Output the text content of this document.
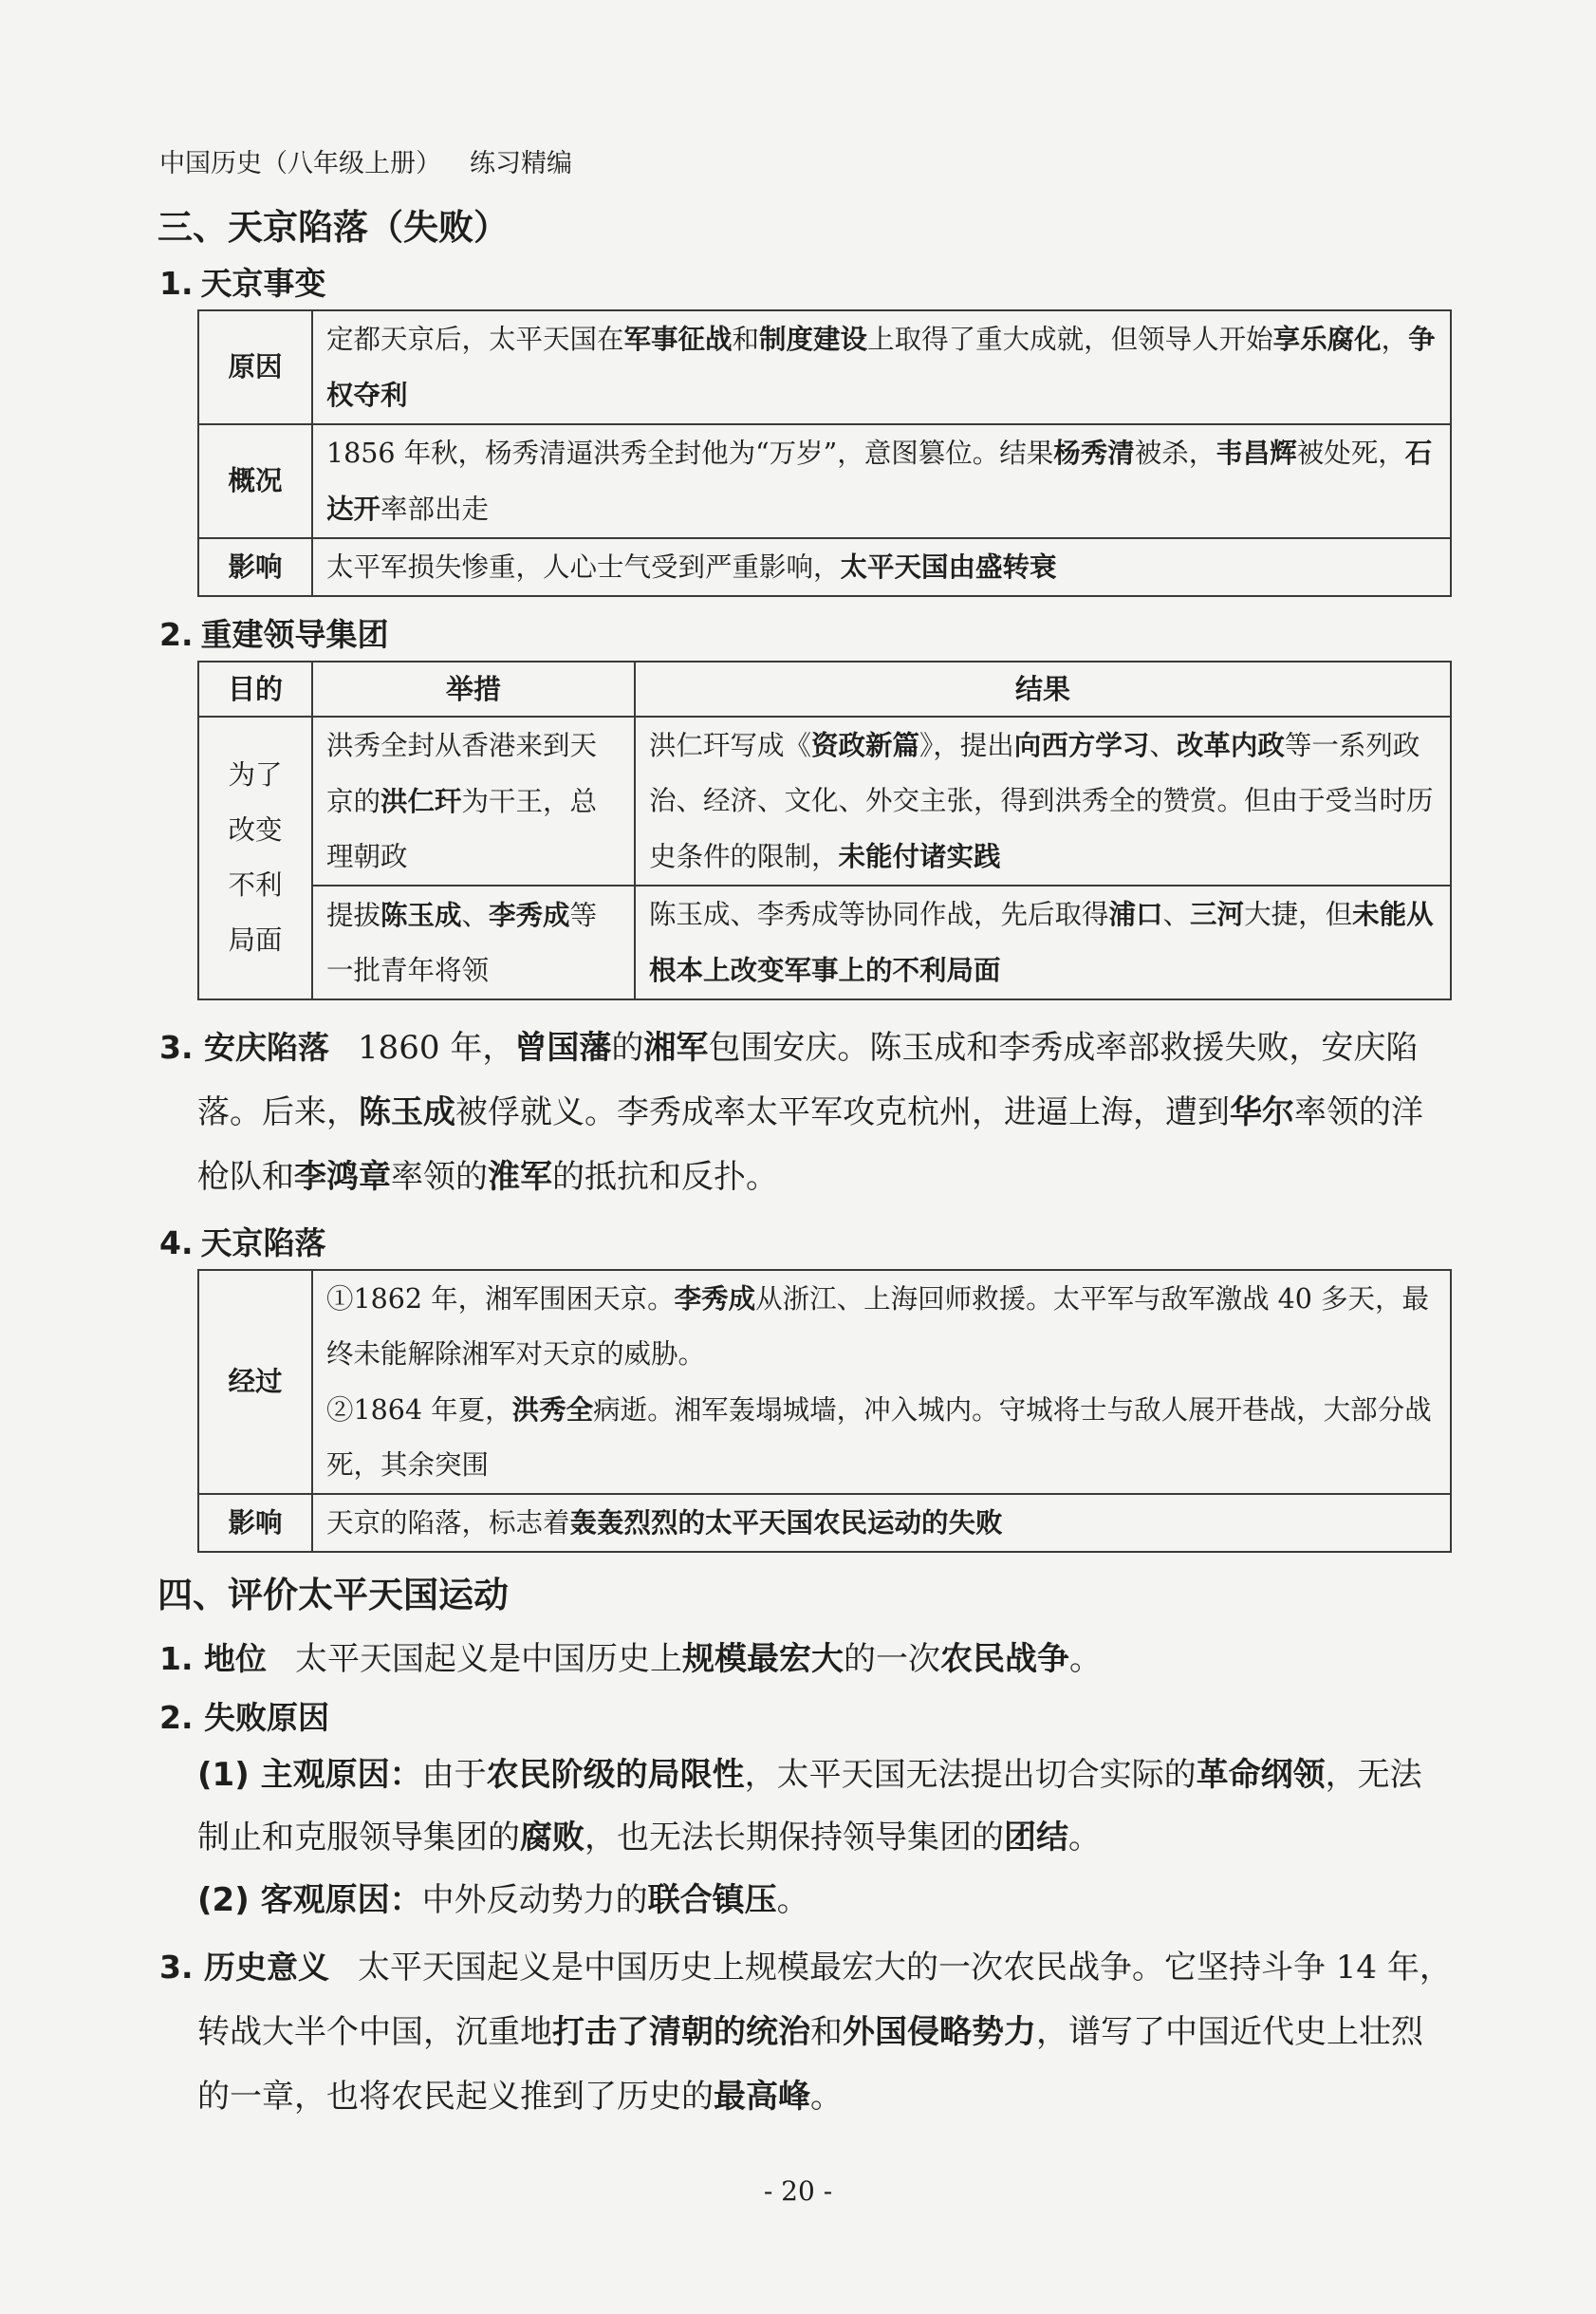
中国历史（八年级上册） 练习精编
三、天京陷落（失败）
1. 天京事变
原因	定都天京后，太平天国在军事征战和制度建设上取得了重大成就，但领导人开始享乐腐化，争权夺利
概况	1856 年秋，杨秀清逼洪秀全封他为“万岁”，意图篡位。结果杨秀清被杀，韦昌辉被处死，石达开率部出走
影响	太平军损失惨重，人心士气受到严重影响，太平天国由盛转衰
2. 重建领导集团
目的	举措	结果

为了
改变
不利
局面	洪秀全封从香港来到天京的洪仁玕为干王，总理朝政	洪仁玕写成《资政新篇》，提出向西方学习、改革内政等一系列政治、经济、文化、外交主张，得到洪秀全的赞赏。但由于受当时历史条件的限制，未能付诸实践
	提拔陈玉成、李秀成等一批青年将领	陈玉成、李秀成等协同作战，先后取得浦口、三河大捷，但未能从根本上改变军事上的不利局面

3. 安庆陷落 1860 年，曾国藩的湘军包围安庆。陈玉成和李秀成率部救援失败，安庆陷落。后来，陈玉成被俘就义。李秀成率太平军攻克杭州，进逼上海，遭到华尔率领的洋枪队和李鸿章率领的淮军的抵抗和反扑。

4. 天京陷落
经过	①1862 年，湘军围困天京。李秀成从浙江、上海回师救援。太平军与敌军激战 40 多天，最终未能解除湘军对天京的威胁。
②1864 年夏，洪秀全病逝。湘军轰塌城墙，冲入城内。守城将士与敌人展开巷战，大部分战死，其余突围

影响	天京的陷落，标志着轰轰烈烈的太平天国农民运动的失败
四、评价太平天国运动

1. 地位 太平天国起义是中国历史上规模最宏大的一次农民战争。

2. 失败原因
(1) 主观原因：由于农民阶级的局限性，太平天国无法提出切合实际的革命纲领，无法制止和克服领导集团的腐败，也无法长期保持领导集团的团结。
(2) 客观原因：中外反动势力的联合镇压。

3. 历史意义 太平天国起义是中国历史上规模最宏大的一次农民战争。它坚持斗争 14 年，转战大半个中国，沉重地打击了清朝的统治和外国侵略势力，谱写了中国近代史上壮烈的一章，也将农民起义推到了历史的最高峰。

- 20 -
